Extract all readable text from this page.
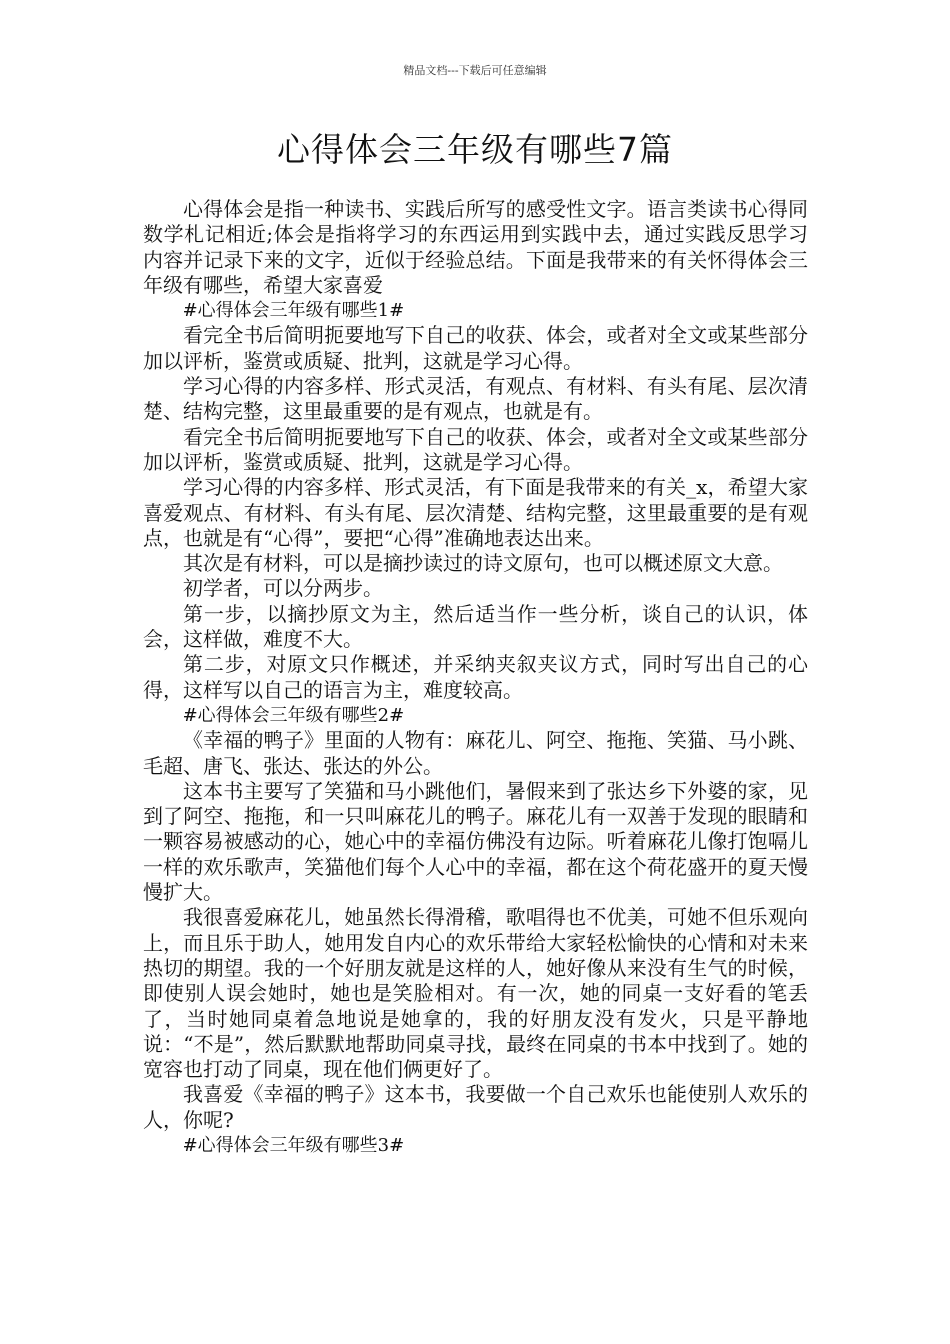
精品文档---下载后可任意编辑
心得体会三年级有哪些7篇

心得体会是指一种读书、实践后所写的感受性文字。语言类读书心得同数学札记相近;体会是指将学习的东西运用到实践中去，通过实践反思学习内容并记录下来的文字，近似于经验总结。下面是我带来的有关怀得体会三年级有哪些，希望大家喜爱

#心得体会三年级有哪些1#

看完全书后简明扼要地写下自己的收获、体会，或者对全文或某些部分加以评析，鉴赏或质疑、批判，这就是学习心得。

学习心得的内容多样、形式灵活，有观点、有材料、有头有尾、层次清楚、结构完整，这里最重要的是有观点，也就是有。

看完全书后简明扼要地写下自己的收获、体会，或者对全文或某些部分加以评析，鉴赏或质疑、批判，这就是学习心得。

学习心得的内容多样、形式灵活，有下面是我带来的有关_x，希望大家喜爱观点、有材料、有头有尾、层次清楚、结构完整，这里最重要的是有观点，也就是有“心得”，要把“心得”准确地表达出来。

其次是有材料，可以是摘抄读过的诗文原句，也可以概述原文大意。

初学者，可以分两步。

第一步，以摘抄原文为主，然后适当作一些分析，谈自己的认识，体会，这样做，难度不大。

第二步，对原文只作概述，并采纳夹叙夹议方式，同时写出自己的心得，这样写以自己的语言为主，难度较高。

#心得体会三年级有哪些2#

《幸福的鸭子》里面的人物有：麻花儿、阿空、拖拖、笑猫、马小跳、毛超、唐飞、张达、张达的外公。

这本书主要写了笑猫和马小跳他们，暑假来到了张达乡下外婆的家，见到了阿空、拖拖，和一只叫麻花儿的鸭子。麻花儿有一双善于发现的眼睛和一颗容易被感动的心，她心中的幸福仿佛没有边际。听着麻花儿像打饱嗝儿一样的欢乐歌声，笑猫他们每个人心中的幸福，都在这个荷花盛开的夏天慢慢扩大。

我很喜爱麻花儿，她虽然长得滑稽，歌唱得也不优美，可她不但乐观向上，而且乐于助人，她用发自内心的欢乐带给大家轻松愉快的心情和对未来热切的期望。我的一个好朋友就是这样的人，她好像从来没有生气的时候，即使别人误会她时，她也是笑脸相对。有一次，她的同桌一支好看的笔丢了，当时她同桌着急地说是她拿的，我的好朋友没有发火，只是平静地说：“不是”，然后默默地帮助同桌寻找，最终在同桌的书本中找到了。她的宽容也打动了同桌，现在他们俩更好了。

我喜爱《幸福的鸭子》这本书，我要做一个自己欢乐也能使别人欢乐的人，你呢?

#心得体会三年级有哪些3#
